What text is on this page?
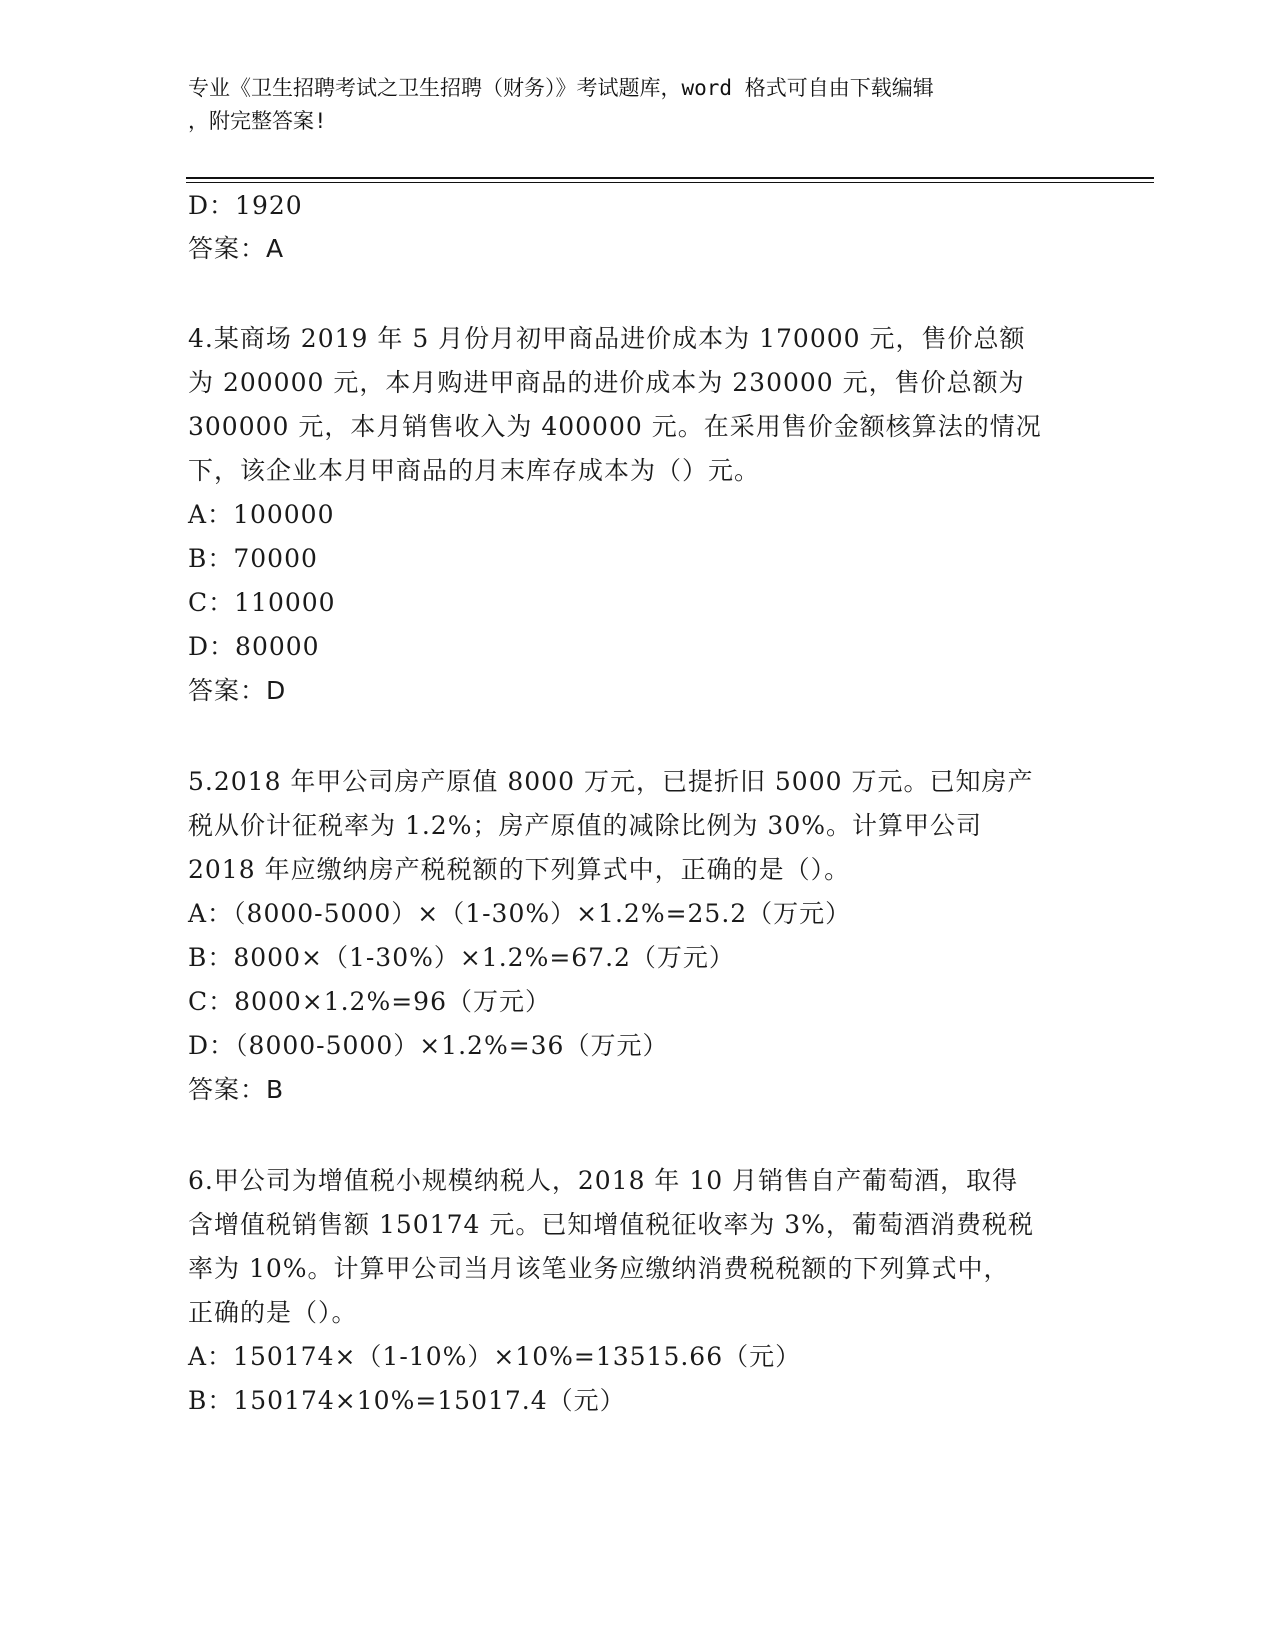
专业《卫生招聘考试之卫生招聘（财务）》考试题库，word 格式可自由下载编辑
，附完整答案!
D：1920
答案：A
4.某商场 2019 年 5 月份月初甲商品进价成本为 170000 元，售价总额
为 200000 元，本月购进甲商品的进价成本为 230000 元，售价总额为
300000 元，本月销售收入为 400000 元。在采用售价金额核算法的情况
下，该企业本月甲商品的月末库存成本为（）元。
A：100000
B：70000
C：110000
D：80000
答案：D
5.2018 年甲公司房产原值 8000 万元，已提折旧 5000 万元。已知房产
税从价计征税率为 1.2%；房产原值的减除比例为 30%。计算甲公司
2018 年应缴纳房产税税额的下列算式中，正确的是（）。
A：（8000-5000）×（1-30%）×1.2%=25.2（万元）
B：8000×（1-30%）×1.2%=67.2（万元）
C：8000×1.2%=96（万元）
D：（8000-5000）×1.2%=36（万元）
答案：B
6.甲公司为增值税小规模纳税人，2018 年 10 月销售自产葡萄酒，取得
含增值税销售额 150174 元。已知增值税征收率为 3%，葡萄酒消费税税
率为 10%。计算甲公司当月该笔业务应缴纳消费税税额的下列算式中，
正确的是（）。
A：150174×（1-10%）×10%=13515.66（元）
B：150174×10%=15017.4（元）
